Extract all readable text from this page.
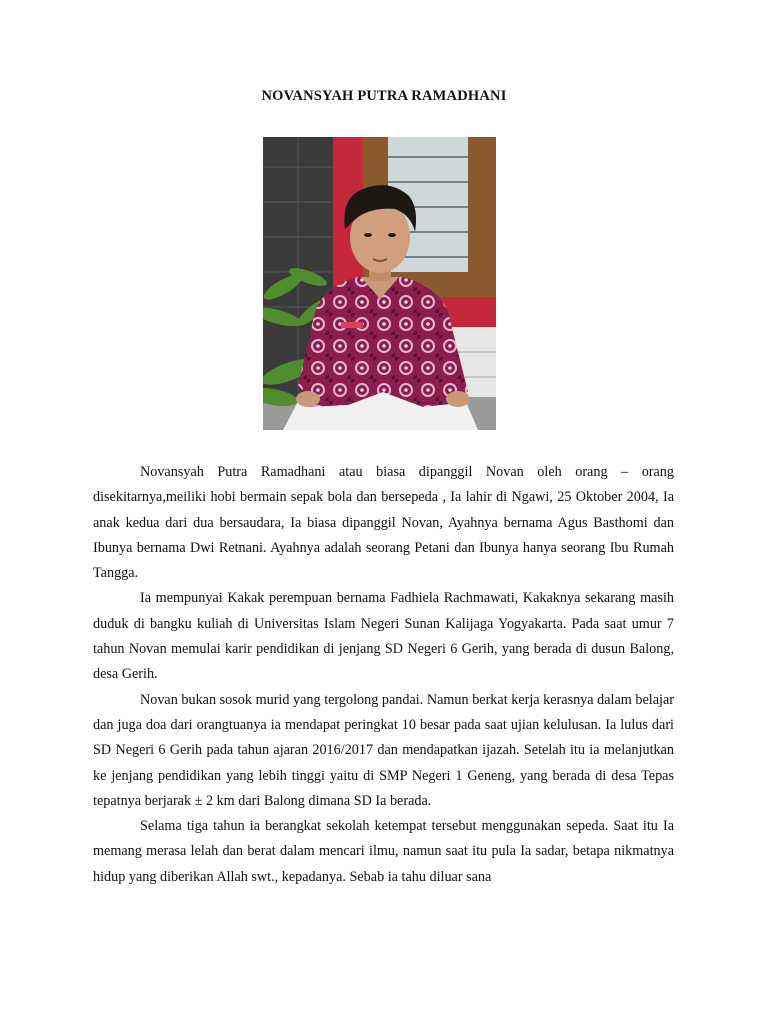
NOVANSYAH PUTRA RAMADHANI

Novansyah Putra Ramadhani atau biasa dipanggil Novan oleh orang – orang disekitarnya,meiliki hobi bermain sepak bola dan bersepeda , Ia lahir di Ngawi, 25 Oktober 2004, Ia anak kedua dari dua bersaudara, Ia biasa dipanggil Novan, Ayahnya bernama Agus Basthomi dan Ibunya bernama Dwi Retnani. Ayahnya adalah seorang Petani dan Ibunya hanya seorang Ibu Rumah Tangga.

Ia mempunyai Kakak perempuan bernama Fadhiela Rachmawati, Kakaknya sekarang masih duduk di bangku kuliah di Universitas Islam Negeri Sunan Kalijaga Yogyakarta. Pada saat umur 7 tahun Novan memulai karir pendidikan di jenjang SD Negeri 6 Gerih, yang berada di dusun Balong, desa Gerih.

Novan bukan sosok murid yang tergolong pandai. Namun berkat kerja kerasnya dalam belajar dan juga doa dari orangtuanya ia mendapat peringkat 10 besar pada saat ujian kelulusan. Ia lulus dari SD Negeri 6 Gerih pada tahun ajaran 2016/2017 dan mendapatkan ijazah. Setelah itu ia melanjutkan ke jenjang pendidikan yang lebih tinggi yaitu di SMP Negeri 1 Geneng, yang berada di desa Tepas tepatnya berjarak ± 2 km dari Balong dimana SD Ia berada.

Selama tiga tahun ia berangkat sekolah ketempat tersebut menggunakan sepeda. Saat itu Ia memang merasa lelah dan berat dalam mencari ilmu, namun saat itu pula Ia sadar, betapa nikmatnya hidup yang diberikan Allah swt., kepadanya. Sebab ia tahu diluar sana
